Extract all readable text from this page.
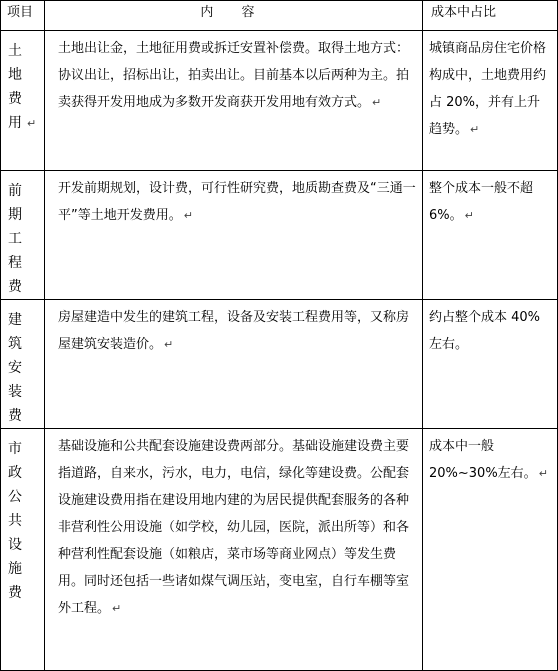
项目	内 容	成本中占比
土地费用 ↵	土地出让金，土地征用费或拆迁安置补偿费。取得土地方式：协议出让，招标出让，拍卖出让。目前基本以后两种为主。拍卖获得开发用地成为多数开发商获开发用地有效方式。 ↵	城镇商品房住宅价格构成中，土地费用约占 20%，并有上升趋势。 ↵
前期工程费	开发前期规划，设计费，可行性研究费，地质勘查费及“三通一平”等土地开发费用。 ↵	整个成本一般不超6%。 ↵
建筑安装费	房屋建造中发生的建筑工程，设备及安装工程费用等，又称房屋建筑安装造价。 ↵	约占整个成本 40%左右。
市政公共设施费	基础设施和公共配套设施建设费两部分。基础设施建设费主要指道路，自来水，污水，电力，电信，绿化等建设费。公配套设施建设费用指在建设用地内建的为居民提供配套服务的各种非营利性公用设施（如学校，幼儿园，医院，派出所等）和各种营利性配套设施（如粮店，菜市场等商业网点）等发生费用。同时还包括一些诸如煤气调压站，变电室，自行车棚等室外工程。 ↵	成本中一般20%~30%左右。 ↵
